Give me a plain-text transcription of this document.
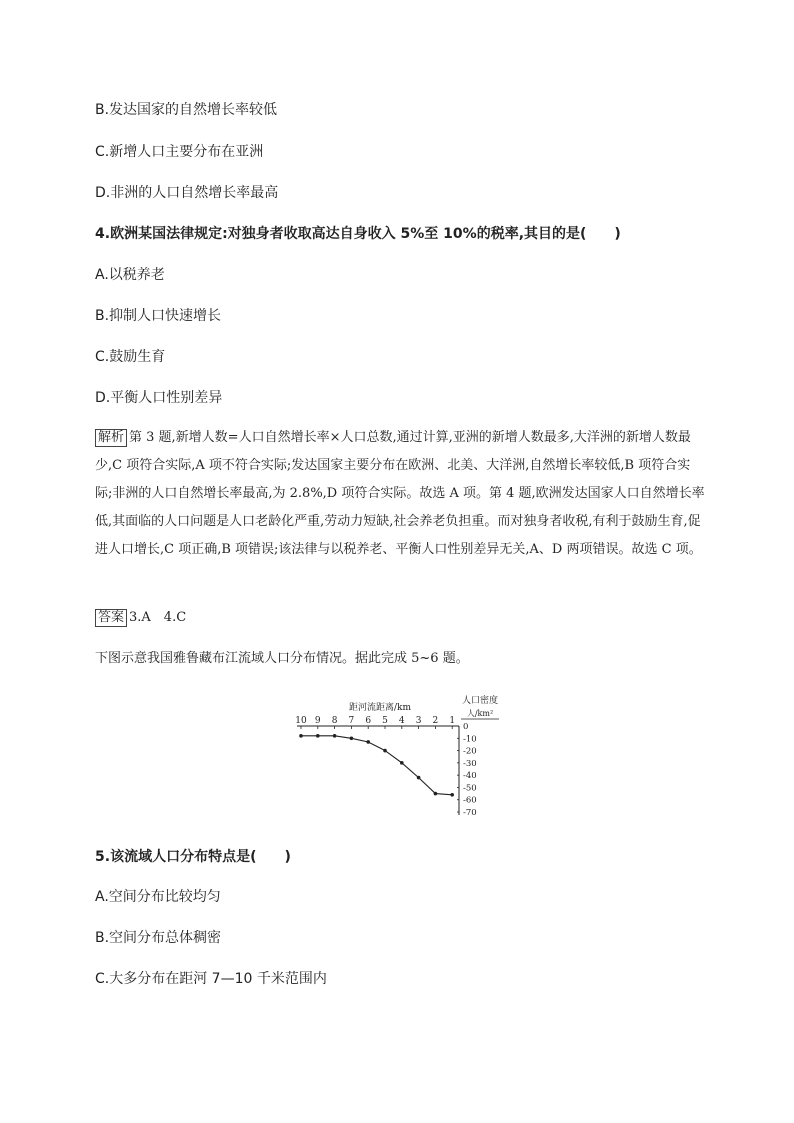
B.发达国家的自然增长率较低
C.新增人口主要分布在亚洲
D.非洲的人口自然增长率最高
4.欧洲某国法律规定:对独身者收取高达自身收入 5%至 10%的税率,其目的是(　　)
A.以税养老
B.抑制人口快速增长
C.鼓励生育
D.平衡人口性别差异
解析 第 3 题,新增人数=人口自然增长率×人口总数,通过计算,亚洲的新增人数最多,大洋洲的新增人数最少,C 项符合实际,A 项不符合实际;发达国家主要分布在欧洲、北美、大洋洲,自然增长率较低,B 项符合实际;非洲的人口自然增长率最高,为 2.8%,D 项符合实际。故选 A 项。第 4 题,欧洲发达国家人口自然增长率低,其面临的人口问题是人口老龄化严重,劳动力短缺,社会养老负担重。而对独身者收税,有利于鼓励生育,促进人口增长,C 项正确,B 项错误;该法律与以税养老、平衡人口性别差异无关,A、D 两项错误。故选 C 项。
答案 3.A　4.C
下图示意我国雅鲁藏布江流域人口分布情况。据此完成 5~6 题。
距河流距离/km
人口密度
人/km²
10 9 8 7 6 5 4 3 2 1
0
-10
-20
-30
-40
-50
-60
-70
5.该流域人口分布特点是(　　)
A.空间分布比较均匀
B.空间分布总体稠密
C.大多分布在距河 7—10 千米范围内
